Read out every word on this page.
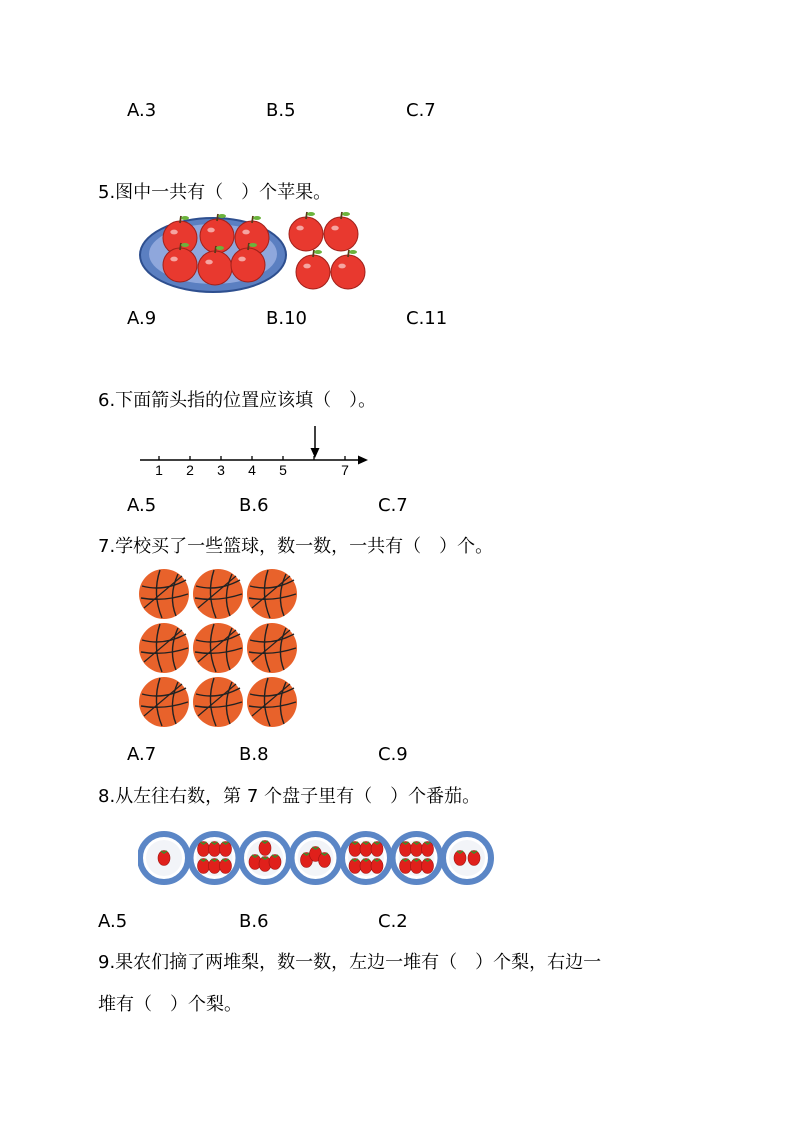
A.3	B.5	C.7
5.图中一共有（　）个苹果。
A.9	B.10	C.11
6.下面箭头指的位置应该填（　）。
1 2 3 4 5	7
A.5	B.6	C.7
7.学校买了一些篮球，数一数，一共有（　）个。
A.7	B.8	C.9
8.从左往右数，第 7 个盘子里有（　）个番茄。
A.5	B.6	C.2
9.果农们摘了两堆梨，数一数，左边一堆有（　）个梨，右边一
堆有（　）个梨。
